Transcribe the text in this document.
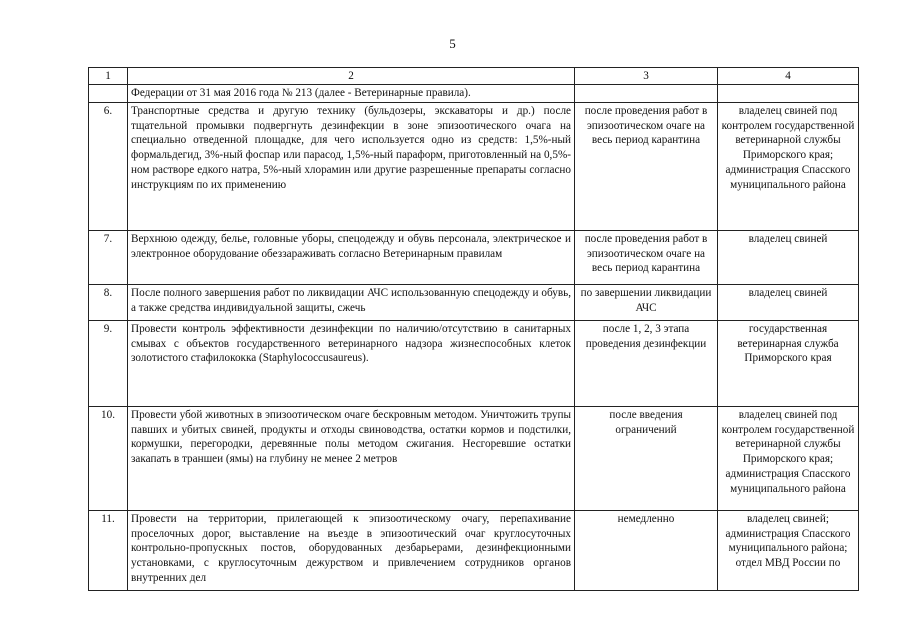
5
1	2	3	4
	Федерации от 31 мая 2016 года № 213 (далее - Ветеринарные правила).		
6.	Транспортные средства и другую технику (бульдозеры, экскаваторы и др.) после тщательной промывки подвергнуть дезинфекции в зоне эпизоотического очага на специально отведенной площадке, для чего используется одно из средств: 1,5%-ный формальдегид, 3%-ный фоспар или парасод, 1,5%-ный параформ, приготовленный на 0,5%-ном растворе едкого натра, 5%-ный хлорамин или другие разрешенные препараты согласно инструкциям по их применению	после проведения работ в эпизоотическом очаге на весь период карантина	владелец свиней под контролем государственной ветеринарной службы Приморского края; администрация Спасского муниципального района
7.	Верхнюю одежду, белье, головные уборы, спецодежду и обувь персонала, электрическое и электронное оборудование обеззараживать согласно Ветеринарным правилам	после проведения работ в эпизоотическом очаге на весь период карантина	владелец свиней
8.	После полного завершения работ по ликвидации АЧС использованную спецодежду и обувь, а также средства индивидуальной защиты, сжечь	по завершении ликвидации АЧС	владелец свиней
9.	Провести контроль эффективности дезинфекции по наличию/отсутствию в санитарных смывах с объектов государственного ветеринарного надзора жизнеспособных клеток золотистого стафилококка (Staphylococcusaureus).	после 1, 2, 3 этапа проведения дезинфекции	государственная ветеринарная служба Приморского края
10.	Провести убой животных в эпизоотическом очаге бескровным методом. Уничтожить трупы павших и убитых свиней, продукты и отходы свиноводства, остатки кормов и подстилки, кормушки, перегородки, деревянные полы методом сжигания. Несгоревшие остатки закапать в траншеи (ямы) на глубину не менее 2 метров	после введения ограничений	владелец свиней под контролем государственной ветеринарной службы Приморского края; администрация Спасского муниципального района
11.	Провести на территории, прилегающей к эпизоотическому очагу, перепахивание проселочных дорог, выставление на въезде в эпизоотический очаг круглосуточных контрольно-пропускных постов, оборудованных дезбарьерами, дезинфекционными установками, с круглосуточным дежурством и привлечением сотрудников органов внутренних дел	немедленно	владелец свиней; администрация Спасского муниципального района; отдел МВД России по
